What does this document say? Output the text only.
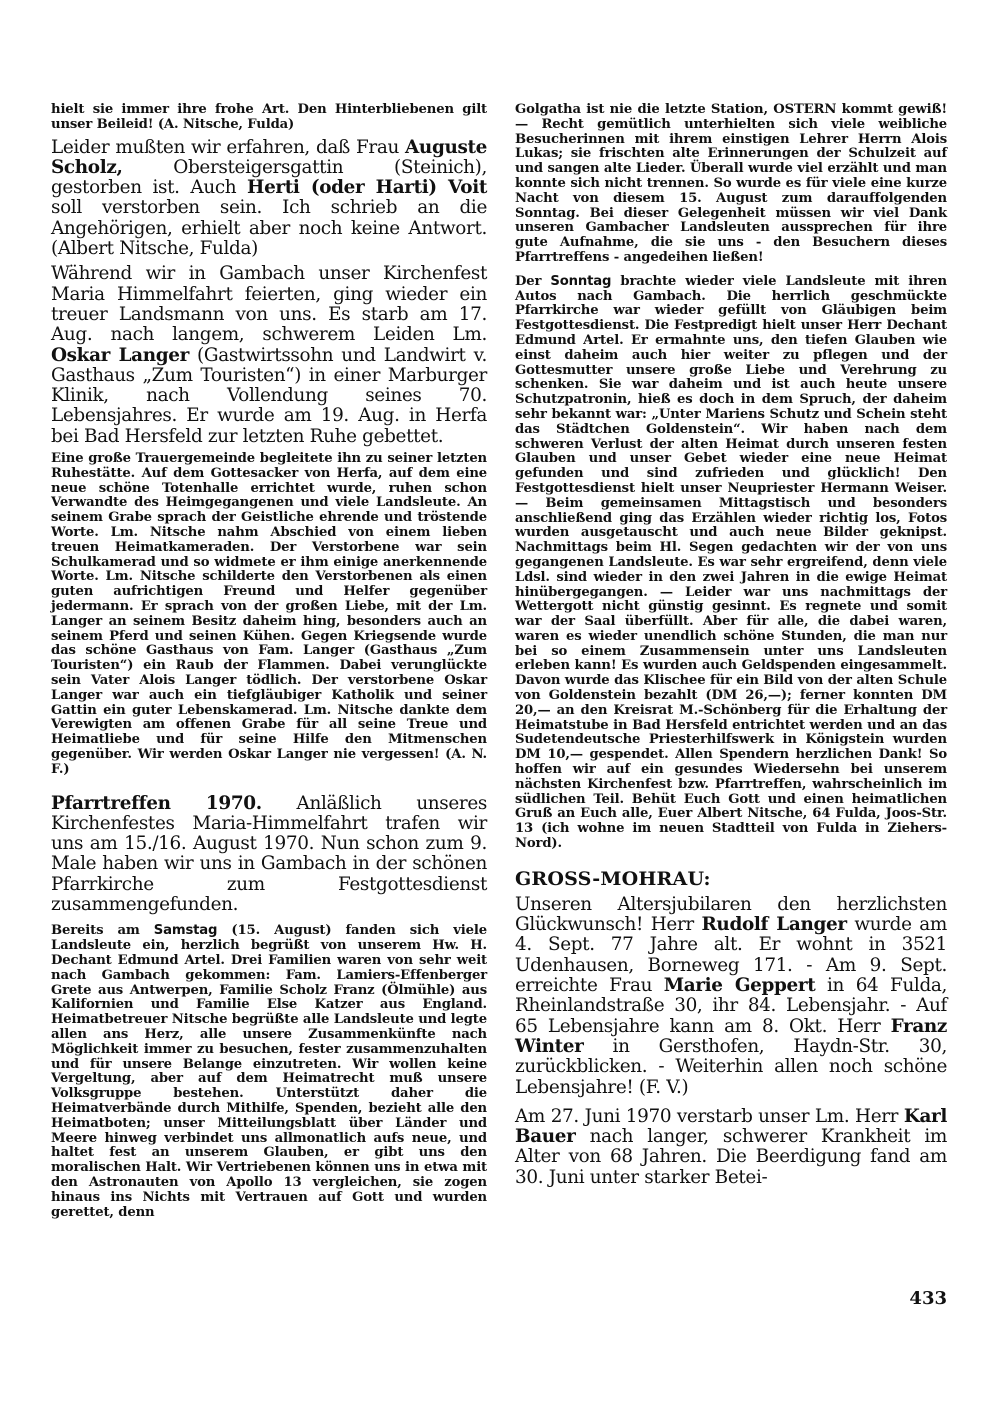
hielt sie immer ihre frohe Art. Den Hinterbliebenen gilt unser Beileid! (A. Nitsche, Fulda)

Leider mußten wir erfahren, daß Frau Auguste Scholz, Obersteigersgattin (Steinich), gestorben ist. Auch Herti (oder Harti) Voit soll verstorben sein. Ich schrieb an die Angehörigen, erhielt aber noch keine Antwort. (Albert Nitsche, Fulda)

Während wir in Gambach unser Kirchenfest Maria Himmelfahrt feierten, ging wieder ein treuer Landsmann von uns. Es starb am 17. Aug. nach langem, schwerem Leiden Lm. Oskar Langer (Gastwirtssohn und Landwirt v. Gasthaus „Zum Touristen“) in einer Marburger Klinik, nach Vollendung seines 70. Lebensjahres. Er wurde am 19. Aug. in Herfa bei Bad Hersfeld zur letzten Ruhe gebettet.

Eine große Trauergemeinde begleitete ihn zu seiner letzten Ruhestätte. Auf dem Gottesacker von Herfa, auf dem eine neue schöne Totenhalle errichtet wurde, ruhen schon Verwandte des Heimgegangenen und viele Landsleute. An seinem Grabe sprach der Geistliche ehrende und tröstende Worte. Lm. Nitsche nahm Abschied von einem lieben treuen Heimatkameraden. Der Verstorbene war sein Schulkamerad und so widmete er ihm einige anerkennende Worte. Lm. Nitsche schilderte den Verstorbenen als einen guten aufrichtigen Freund und Helfer gegenüber jedermann. Er sprach von der großen Liebe, mit der Lm. Langer an seinem Besitz daheim hing, besonders auch an seinem Pferd und seinen Kühen. Gegen Kriegsende wurde das schöne Gasthaus von Fam. Langer (Gasthaus „Zum Touristen“) ein Raub der Flammen. Dabei verunglückte sein Vater Alois Langer tödlich. Der verstorbene Oskar Langer war auch ein tiefgläubiger Katholik und seiner Gattin ein guter Lebenskamerad. Lm. Nitsche dankte dem Verewigten am offenen Grabe für all seine Treue und Heimatliebe und für seine Hilfe den Mitmenschen gegenüber. Wir werden Oskar Langer nie vergessen! (A. N. F.)

Pfarrtreffen 1970. Anläßlich unseres Kirchenfestes Maria-Himmelfahrt trafen wir uns am 15./16. August 1970. Nun schon zum 9. Male haben wir uns in Gambach in der schönen Pfarrkirche zum Festgottesdienst zusammengefunden.

Bereits am Samstag (15. August) fanden sich viele Landsleute ein, herzlich begrüßt von unserem Hw. H. Dechant Edmund Artel. Drei Familien waren von sehr weit nach Gambach gekommen: Fam. Lamiers-Effenberger Grete aus Antwerpen, Familie Scholz Franz (Ölmühle) aus Kalifornien und Familie Else Katzer aus England. Heimatbetreuer Nitsche begrüßte alle Landsleute und legte allen ans Herz, alle unsere Zusammenkünfte nach Möglichkeit immer zu besuchen, fester zusammenzuhalten und für unsere Belange einzutreten. Wir wollen keine Vergeltung, aber auf dem Heimatrecht muß unsere Volksgruppe bestehen. Unterstützt daher die Heimatverbände durch Mithilfe, Spenden, bezieht alle den Heimatboten; unser Mitteilungsblatt über Länder und Meere hinweg verbindet uns allmonatlich aufs neue, und haltet fest an unserem Glauben, er gibt uns den moralischen Halt. Wir Vertriebenen können uns in etwa mit den Astronauten von Apollo 13 vergleichen, sie zogen hinaus ins Nichts mit Vertrauen auf Gott und wurden gerettet, denn

Golgatha ist nie die letzte Station, OSTERN kommt gewiß! — Recht gemütlich unterhielten sich viele weibliche Besucherinnen mit ihrem einstigen Lehrer Herrn Alois Lukas; sie frischten alte Erinnerungen der Schulzeit auf und sangen alte Lieder. Überall wurde viel erzählt und man konnte sich nicht trennen. So wurde es für viele eine kurze Nacht von diesem 15. August zum darauffolgenden Sonntag. Bei dieser Gelegenheit müssen wir viel Dank unseren Gambacher Landsleuten aussprechen für ihre gute Aufnahme, die sie uns - den Besuchern dieses Pfarrtreffens - angedeihen ließen!

Der Sonntag brachte wieder viele Landsleute mit ihren Autos nach Gambach. Die herrlich geschmückte Pfarrkirche war wieder gefüllt von Gläubigen beim Festgottesdienst. Die Festpredigt hielt unser Herr Dechant Edmund Artel. Er ermahnte uns, den tiefen Glauben wie einst daheim auch hier weiter zu pflegen und der Gottesmutter unsere große Liebe und Verehrung zu schenken. Sie war daheim und ist auch heute unsere Schutzpatronin, hieß es doch in dem Spruch, der daheim sehr bekannt war: „Unter Mariens Schutz und Schein steht das Städtchen Goldenstein“. Wir haben nach dem schweren Verlust der alten Heimat durch unseren festen Glauben und unser Gebet wieder eine neue Heimat gefunden und sind zufrieden und glücklich! Den Festgottesdienst hielt unser Neupriester Hermann Weiser. — Beim gemeinsamen Mittagstisch und besonders anschließend ging das Erzählen wieder richtig los, Fotos wurden ausgetauscht und auch neue Bilder geknipst. Nachmittags beim Hl. Segen gedachten wir der von uns gegangenen Landsleute. Es war sehr ergreifend, denn viele Ldsl. sind wieder in den zwei Jahren in die ewige Heimat hinübergegangen. — Leider war uns nachmittags der Wettergott nicht günstig gesinnt. Es regnete und somit war der Saal überfüllt. Aber für alle, die dabei waren, waren es wieder unendlich schöne Stunden, die man nur bei so einem Zusammensein unter uns Landsleuten erleben kann! Es wurden auch Geldspenden eingesammelt. Davon wurde das Klischee für ein Bild von der alten Schule von Goldenstein bezahlt (DM 26,—); ferner konnten DM 20,— an den Kreisrat M.-Schönberg für die Erhaltung der Heimatstube in Bad Hersfeld entrichtet werden und an das Sudetendeutsche Priesterhilfswerk in Königstein wurden DM 10,— gespendet. Allen Spendern herzlichen Dank! So hoffen wir auf ein gesundes Wiedersehn bei unserem nächsten Kirchenfest bzw. Pfarrtreffen, wahrscheinlich im südlichen Teil. Behüt Euch Gott und einen heimatlichen Gruß an Euch alle, Euer Albert Nitsche, 64 Fulda, Joos-Str. 13 (ich wohne im neuen Stadtteil von Fulda in Ziehers-Nord).

GROSS-MOHRAU:

Unseren Altersjubilaren den herzlichsten Glückwunsch! Herr Rudolf Langer wurde am 4. Sept. 77 Jahre alt. Er wohnt in 3521 Udenhausen, Borneweg 171. - Am 9. Sept. erreichte Frau Marie Geppert in 64 Fulda, Rheinlandstraße 30, ihr 84. Lebensjahr. - Auf 65 Lebensjahre kann am 8. Okt. Herr Franz Winter in Gersthofen, Haydn-Str. 30, zurückblicken. - Weiterhin allen noch schöne Lebensjahre! (F. V.)

Am 27. Juni 1970 verstarb unser Lm. Herr Karl Bauer nach langer, schwerer Krankheit im Alter von 68 Jahren. Die Beerdigung fand am 30. Juni unter starker Betei-

433
